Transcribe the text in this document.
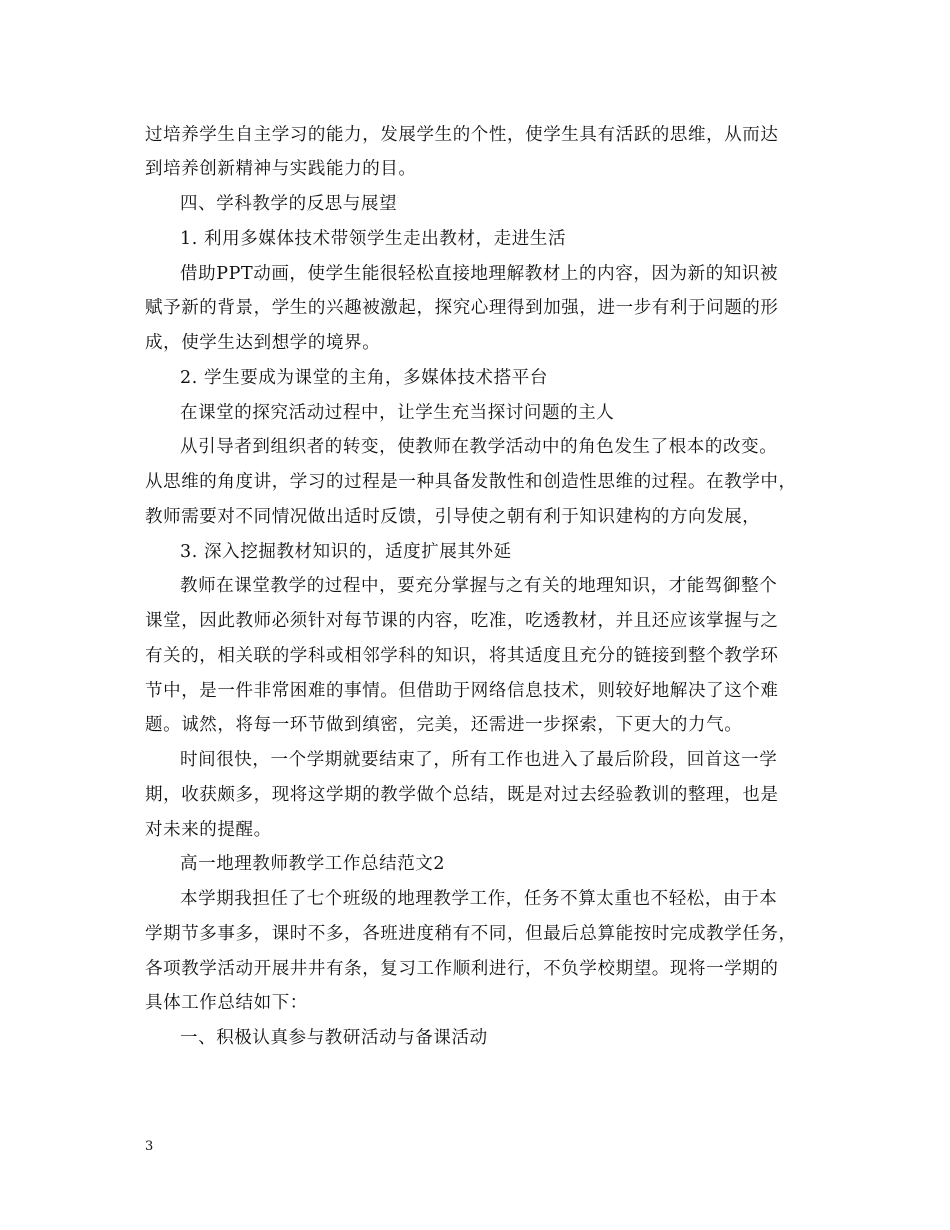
过培养学生自主学习的能力，发展学生的个性，使学生具有活跃的思维，从而达
到培养创新精神与实践能力的目。
四、学科教学的反思与展望
1. 利用多媒体技术带领学生走出教材，走进生活
借助PPT动画，使学生能很轻松直接地理解教材上的内容，因为新的知识被
赋予新的背景，学生的兴趣被激起，探究心理得到加强，进一步有利于问题的形
成，使学生达到想学的境界。
2. 学生要成为课堂的主角，多媒体技术搭平台
在课堂的探究活动过程中，让学生充当探讨问题的主人
从引导者到组织者的转变，使教师在教学活动中的角色发生了根本的改变。
从思维的角度讲，学习的过程是一种具备发散性和创造性思维的过程。在教学中，
教师需要对不同情况做出适时反馈，引导使之朝有利于知识建构的方向发展，
3. 深入挖掘教材知识的，适度扩展其外延
教师在课堂教学的过程中，要充分掌握与之有关的地理知识，才能驾御整个
课堂，因此教师必须针对每节课的内容，吃准，吃透教材，并且还应该掌握与之
有关的，相关联的学科或相邻学科的知识，将其适度且充分的链接到整个教学环
节中，是一件非常困难的事情。但借助于网络信息技术，则较好地解决了这个难
题。诚然，将每一环节做到缜密，完美，还需进一步探索，下更大的力气。
时间很快，一个学期就要结束了，所有工作也进入了最后阶段，回首这一学
期，收获颇多，现将这学期的教学做个总结，既是对过去经验教训的整理，也是
对未来的提醒。
高一地理教师教学工作总结范文2
本学期我担任了七个班级的地理教学工作，任务不算太重也不轻松，由于本
学期节多事多，课时不多，各班进度稍有不同，但最后总算能按时完成教学任务，
各项教学活动开展井井有条，复习工作顺利进行，不负学校期望。现将一学期的
具体工作总结如下：
一、积极认真参与教研活动与备课活动
3
